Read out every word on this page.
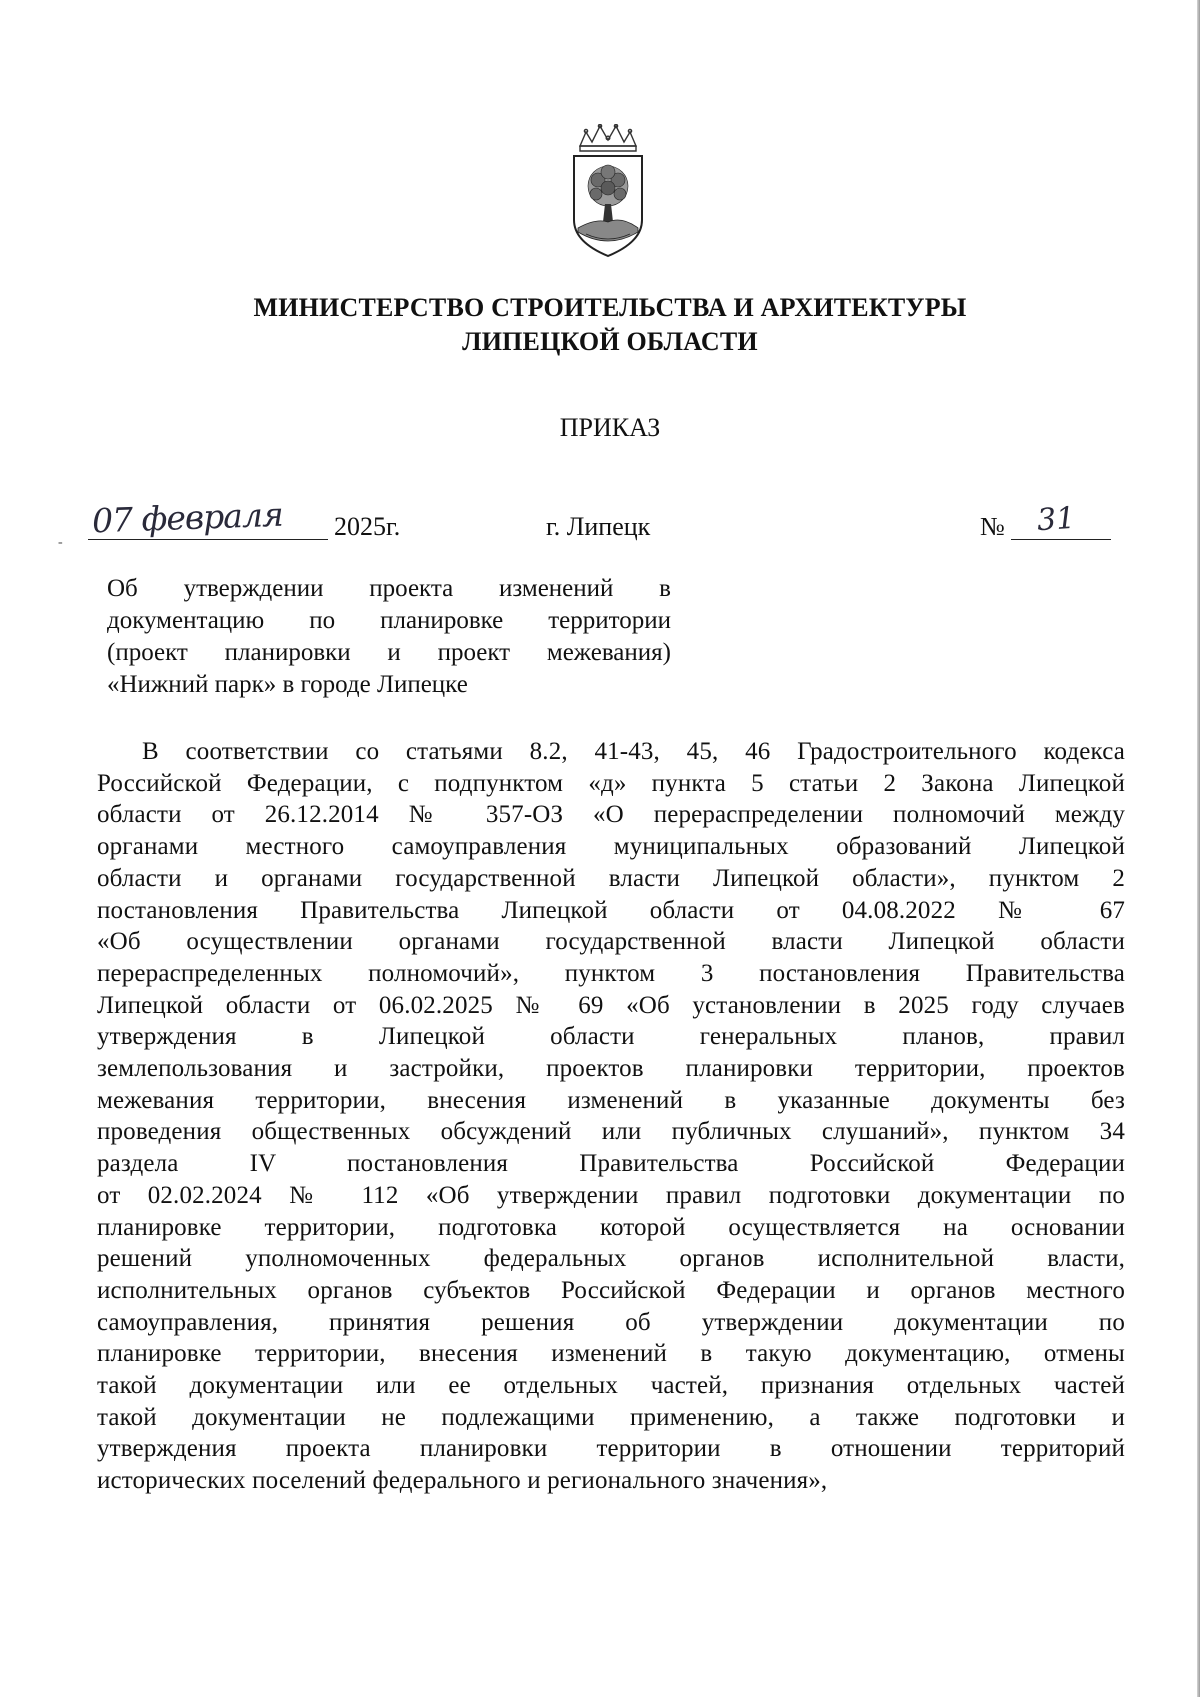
МИНИСТЕРСТВО СТРОИТЕЛЬСТВА И АРХИТЕКТУРЫ
ЛИПЕЦКОЙ ОБЛАСТИ
ПРИКАЗ
-
07 февраля 2025г.	г. Липецк	№ 31
Об утверждении проекта изменений в
документацию по планировке территории
(проект планировки и проект межевания)
«Нижний парк» в городе Липецке
В соответствии со статьями 8.2, 41-43, 45, 46 Градостроительного кодекса
Российской Федерации, с подпунктом «д» пункта 5 статьи 2 Закона Липецкой
области от 26.12.2014 № 357-ОЗ «О перераспределении полномочий между
органами местного самоуправления муниципальных образований Липецкой
области и органами государственной власти Липецкой области», пунктом 2
постановления Правительства Липецкой области от 04.08.2022 № 67
«Об осуществлении органами государственной власти Липецкой области
перераспределенных полномочий», пунктом 3 постановления Правительства
Липецкой области от 06.02.2025 № 69 «Об установлении в 2025 году случаев
утверждения в Липецкой области генеральных планов, правил
землепользования и застройки, проектов планировки территории, проектов
межевания территории, внесения изменений в указанные документы без
проведения общественных обсуждений или публичных слушаний», пунктом 34
раздела IV постановления Правительства Российской Федерации
от 02.02.2024 № 112 «Об утверждении правил подготовки документации по
планировке территории, подготовка которой осуществляется на основании
решений уполномоченных федеральных органов исполнительной власти,
исполнительных органов субъектов Российской Федерации и органов местного
самоуправления, принятия решения об утверждении документации по
планировке территории, внесения изменений в такую документацию, отмены
такой документации или ее отдельных частей, признания отдельных частей
такой документации не подлежащими применению, а также подготовки и
утверждения проекта планировки территории в отношении территорий
исторических поселений федерального и регионального значения»,
